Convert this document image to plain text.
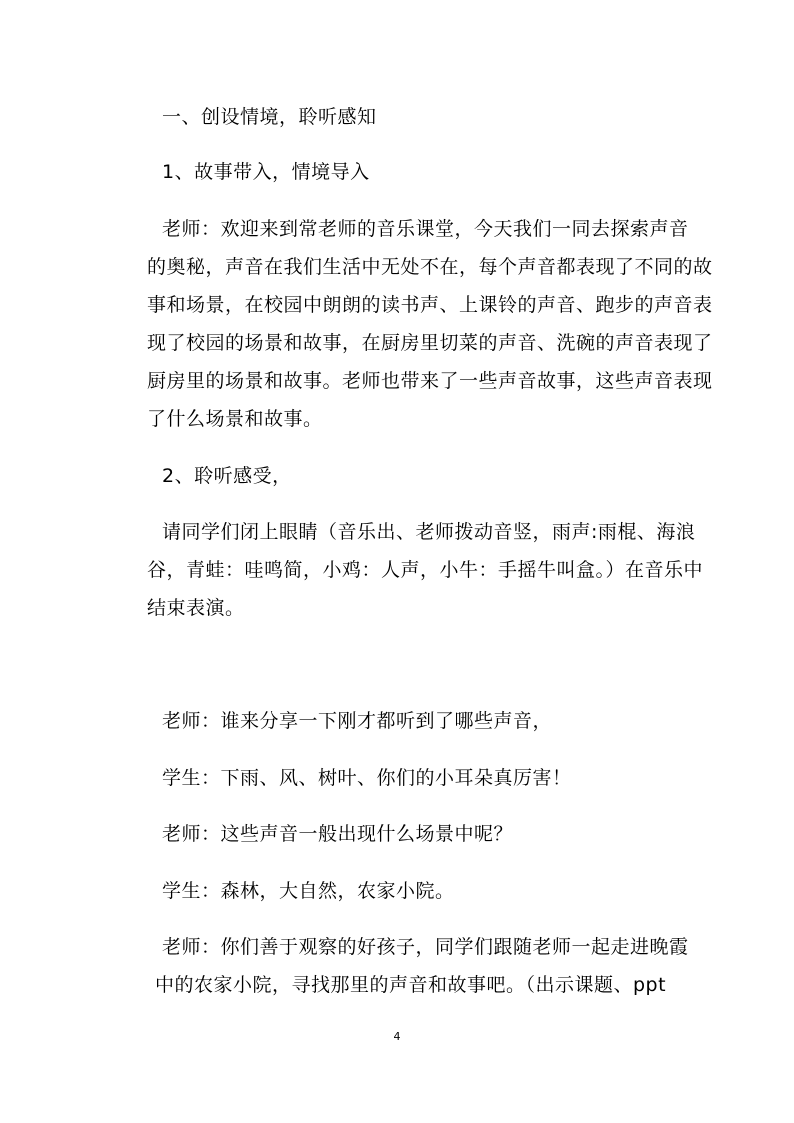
一、创设情境，聆听感知
1、故事带入，情境导入
老师：欢迎来到常老师的音乐课堂，今天我们一同去探索声音
的奥秘，声音在我们生活中无处不在，每个声音都表现了不同的故
事和场景，在校园中朗朗的读书声、上课铃的声音、跑步的声音表
现了校园的场景和故事，在厨房里切菜的声音、洗碗的声音表现了
厨房里的场景和故事。老师也带来了一些声音故事，这些声音表现
了什么场景和故事。
2、聆听感受，
请同学们闭上眼睛（音乐出、老师拨动音竖，雨声:雨棍、海浪
谷，青蛙：哇鸣简，小鸡：人声，小牛：手摇牛叫盒。）在音乐中
结束表演。
老师：谁来分享一下刚才都听到了哪些声音，
学生：下雨、风、树叶、你们的小耳朵真厉害！
老师：这些声音一般出现什么场景中呢？
学生：森林，大自然，农家小院。
老师：你们善于观察的好孩子，同学们跟随老师一起走进晚霞
中的农家小院，寻找那里的声音和故事吧。（出示课题、ppt
4
